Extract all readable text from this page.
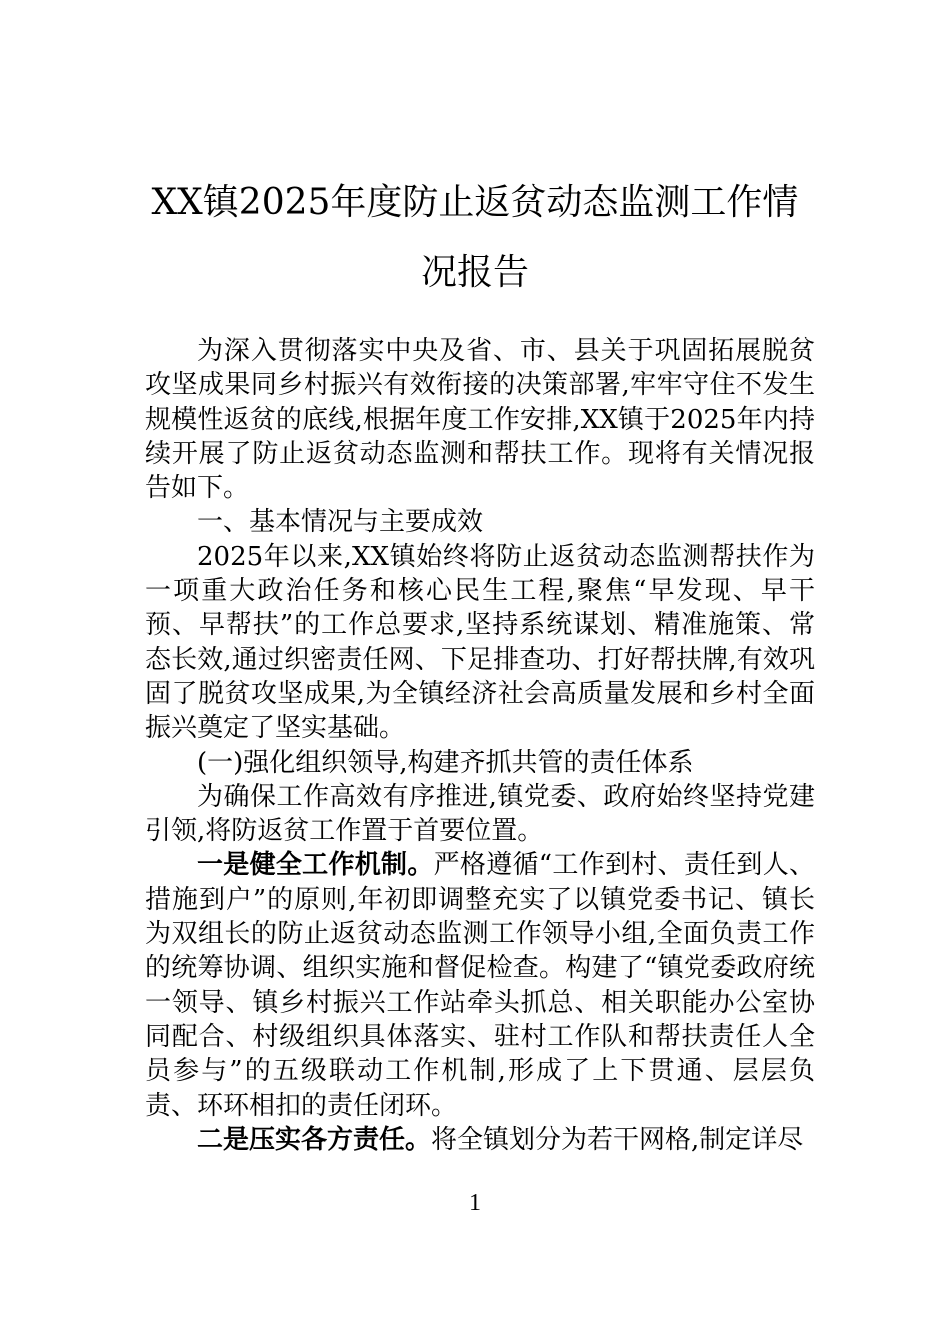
XX镇2025年度防止返贫动态监测工作情
况报告

为深入贯彻落实中央及省、市、县关于巩固拓展脱贫攻坚成果同乡村振兴有效衔接的决策部署,牢牢守住不发生规模性返贫的底线,根据年度工作安排,XX镇于2025年内持续开展了防止返贫动态监测和帮扶工作。现将有关情况报告如下。

一、基本情况与主要成效

2025年以来,XX镇始终将防止返贫动态监测帮扶作为一项重大政治任务和核心民生工程,聚焦“早发现、早干预、早帮扶”的工作总要求,坚持系统谋划、精准施策、常态长效,通过织密责任网、下足排查功、打好帮扶牌,有效巩固了脱贫攻坚成果,为全镇经济社会高质量发展和乡村全面振兴奠定了坚实基础。

(一)强化组织领导,构建齐抓共管的责任体系

为确保工作高效有序推进,镇党委、政府始终坚持党建引领,将防返贫工作置于首要位置。

一是健全工作机制。严格遵循“工作到村、责任到人、措施到户”的原则,年初即调整充实了以镇党委书记、镇长为双组长的防止返贫动态监测工作领导小组,全面负责工作的统筹协调、组织实施和督促检查。构建了“镇党委政府统一领导、镇乡村振兴工作站牵头抓总、相关职能办公室协同配合、村级组织具体落实、驻村工作队和帮扶责任人全员参与”的五级联动工作机制,形成了上下贯通、层层负责、环环相扣的责任闭环。

二是压实各方责任。将全镇划分为若干网格,制定详尽

1
